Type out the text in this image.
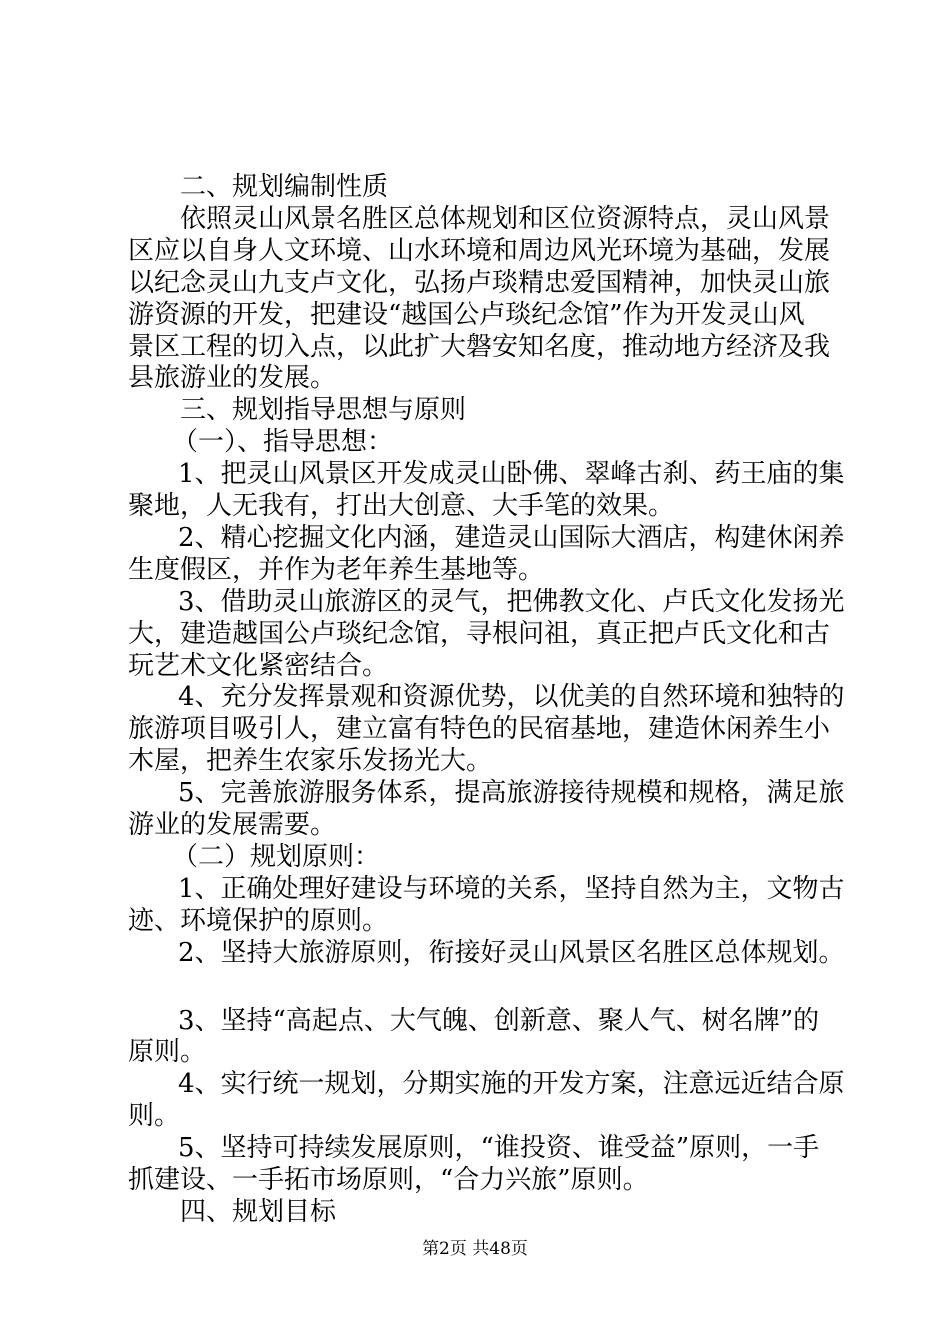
二、规划编制性质
依照灵山风景名胜区总体规划和区位资源特点，灵山风景
区应以自身人文环境、山水环境和周边风光环境为基础，发展
以纪念灵山九支卢文化，弘扬卢琰精忠爱国精神，加快灵山旅
游资源的开发，把建设“越国公卢琰纪念馆”作为开发灵山风
景区工程的切入点，以此扩大磐安知名度，推动地方经济及我
县旅游业的发展。
三、规划指导思想与原则
（一）、指导思想：
1、把灵山风景区开发成灵山卧佛、翠峰古刹、药王庙的集
聚地，人无我有，打出大创意、大手笔的效果。
2、精心挖掘文化内涵，建造灵山国际大酒店，构建休闲养
生度假区，并作为老年养生基地等。
3、借助灵山旅游区的灵气，把佛教文化、卢氏文化发扬光
大，建造越国公卢琰纪念馆，寻根问祖，真正把卢氏文化和古
玩艺术文化紧密结合。
4、充分发挥景观和资源优势，以优美的自然环境和独特的
旅游项目吸引人，建立富有特色的民宿基地，建造休闲养生小
木屋，把养生农家乐发扬光大。
5、完善旅游服务体系，提高旅游接待规模和规格，满足旅
游业的发展需要。
（二）规划原则：
1、正确处理好建设与环境的关系，坚持自然为主，文物古
迹、环境保护的原则。
2、坚持大旅游原则，衔接好灵山风景区名胜区总体规划。
3、坚持“高起点、大气魄、创新意、聚人气、树名牌”的
原则。
4、实行统一规划，分期实施的开发方案，注意远近结合原
则。
5、坚持可持续发展原则，“谁投资、谁受益”原则，一手
抓建设、一手拓市场原则，“合力兴旅”原则。
四、规划目标
第2页 共48页
